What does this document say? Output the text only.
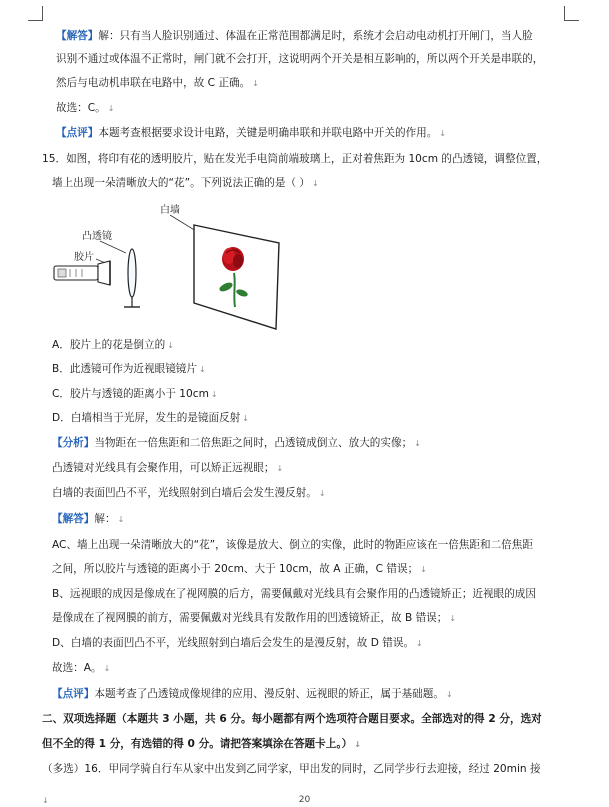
【解答】解：只有当人脸识别通过、体温在正常范围都满足时，系统才会启动电动机打开闸门，当人脸
识别不通过或体温不正常时，闸门就不会打开，这说明两个开关是相互影响的，所以两个开关是串联的，
然后与电动机串联在电路中，故 C 正确。 ↓
故选：C。 ↓
【点评】本题考查根据要求设计电路，关键是明确串联和并联电路中开关的作用。 ↓
15．如图，将印有花的透明胶片，贴在发光手电筒前端玻璃上，正对着焦距为 10cm 的凸透镜，调整位置，
墙上出现一朵清晰放大的“花”。下列说法正确的是（ ） ↓
白墙
凸透镜
胶片
A．胶片上的花是倒立的 ↓
B．此透镜可作为近视眼镜镜片 ↓
C．胶片与透镜的距离小于 10cm ↓
D．白墙相当于光屏，发生的是镜面反射 ↓
【分析】当物距在一倍焦距和二倍焦距之间时，凸透镜成倒立、放大的实像； ↓
凸透镜对光线具有会聚作用，可以矫正远视眼； ↓
白墙的表面凹凸不平，光线照射到白墙后会发生漫反射。 ↓
【解答】解： ↓
AC、墙上出现一朵清晰放大的“花”，该像是放大、倒立的实像，此时的物距应该在一倍焦距和二倍焦距
之间，所以胶片与透镜的距离小于 20cm、大于 10cm，故 A 正确，C 错误； ↓
B、远视眼的成因是像成在了视网膜的后方，需要佩戴对光线具有会聚作用的凸透镜矫正；近视眼的成因
是像成在了视网膜的前方，需要佩戴对光线具有发散作用的凹透镜矫正，故 B 错误； ↓
D、白墙的表面凹凸不平，光线照射到白墙后会发生的是漫反射，故 D 错误。 ↓
故选：A。 ↓
【点评】本题考查了凸透镜成像规律的应用、漫反射、远视眼的矫正，属于基础题。 ↓
二、双项选择题（本题共 3 小题，共 6 分。每小题都有两个选项符合题目要求。全部选对的得 2 分，选对
但不全的得 1 分，有选错的得 0 分。请把答案填涂在答题卡上。） ↓
（多选）16．甲同学骑自行车从家中出发到乙同学家，甲出发的同时，乙同学步行去迎接，经过 20min 接
↓	20
